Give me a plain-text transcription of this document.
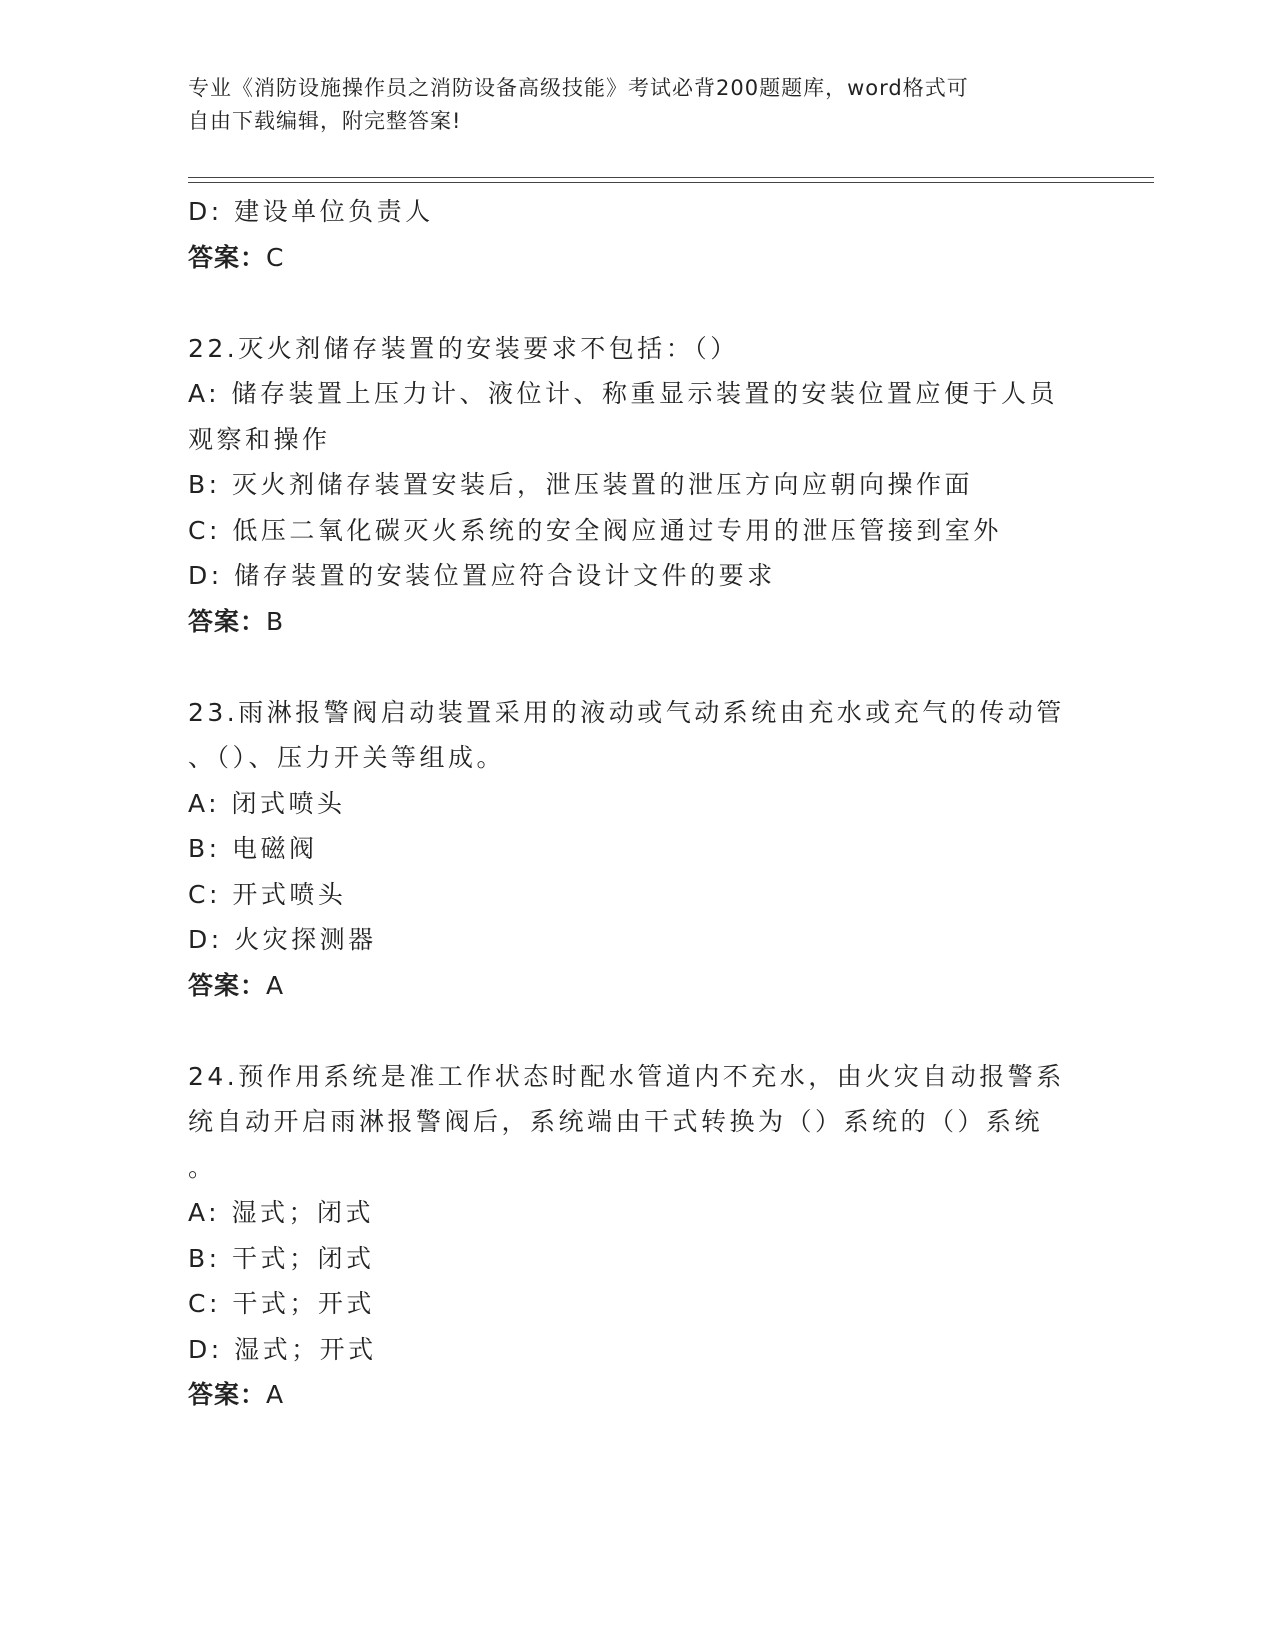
专业《消防设施操作员之消防设备高级技能》考试必背200题题库，word格式可
自由下载编辑，附完整答案!
D: 建设单位负责人
答案：C
22.灭火剂储存装置的安装要求不包括：（）
A: 储存装置上压力计、液位计、称重显示装置的安装位置应便于人员
观察和操作
B: 灭火剂储存装置安装后，泄压装置的泄压方向应朝向操作面
C: 低压二氧化碳灭火系统的安全阀应通过专用的泄压管接到室外
D: 储存装置的安装位置应符合设计文件的要求
答案：B
23.雨淋报警阀启动装置采用的液动或气动系统由充水或充气的传动管
、（）、压力开关等组成。
A: 闭式喷头
B: 电磁阀
C: 开式喷头
D: 火灾探测器
答案：A
24.预作用系统是准工作状态时配水管道内不充水，由火灾自动报警系
统自动开启雨淋报警阀后，系统端由干式转换为（）系统的（）系统
。
A: 湿式；闭式
B: 干式；闭式
C: 干式；开式
D: 湿式；开式
答案：A
